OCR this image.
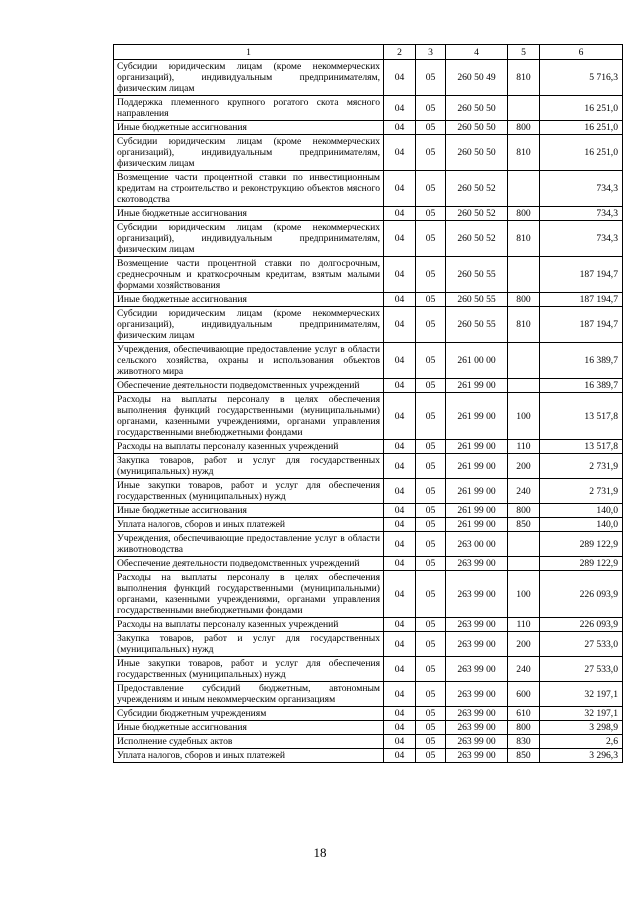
1	2	3	4	5	6
Субсидии юридическим лицам (кроме некоммерческих организаций), индивидуальным предпринимателям, физическим лицам	04	05	260 50 49	810	5 716,3
Поддержка племенного крупного рогатого скота мясного направления	04	05	260 50 50		16 251,0
Иные бюджетные ассигнования	04	05	260 50 50	800	16 251,0
Субсидии юридическим лицам (кроме некоммерческих организаций), индивидуальным предпринимателям, физическим лицам	04	05	260 50 50	810	16 251,0
Возмещение части процентной ставки по инвестиционным кредитам на строительство и реконструкцию объектов мясного скотоводства	04	05	260 50 52		734,3
Иные бюджетные ассигнования	04	05	260 50 52	800	734,3
Субсидии юридическим лицам (кроме некоммерческих организаций), индивидуальным предпринимателям, физическим лицам	04	05	260 50 52	810	734,3
Возмещение части процентной ставки по долгосрочным, среднесрочным и краткосрочным кредитам, взятым малыми формами хозяйствования	04	05	260 50 55		187 194,7
Иные бюджетные ассигнования	04	05	260 50 55	800	187 194,7
Субсидии юридическим лицам (кроме некоммерческих организаций), индивидуальным предпринимателям, физическим лицам	04	05	260 50 55	810	187 194,7
Учреждения, обеспечивающие предоставление услуг в области сельского хозяйства, охраны и использования объектов животного мира	04	05	261 00 00		16 389,7
Обеспечение деятельности подведомственных учреждений	04	05	261 99 00		16 389,7
Расходы на выплаты персоналу в целях обеспечения выполнения функций государственными (муниципальными) органами, казенными учреждениями, органами управления государственными внебюджетными фондами	04	05	261 99 00	100	13 517,8
Расходы на выплаты персоналу казенных учреждений	04	05	261 99 00	110	13 517,8
Закупка товаров, работ и услуг для государственных (муниципальных) нужд	04	05	261 99 00	200	2 731,9
Иные закупки товаров, работ и услуг для обеспечения государственных (муниципальных) нужд	04	05	261 99 00	240	2 731,9
Иные бюджетные ассигнования	04	05	261 99 00	800	140,0
Уплата налогов, сборов и иных платежей	04	05	261 99 00	850	140,0
Учреждения, обеспечивающие предоставление услуг в области животноводства	04	05	263 00 00		289 122,9
Обеспечение деятельности подведомственных учреждений	04	05	263 99 00		289 122,9
Расходы на выплаты персоналу в целях обеспечения выполнения функций государственными (муниципальными) органами, казенными учреждениями, органами управления государственными внебюджетными фондами	04	05	263 99 00	100	226 093,9
Расходы на выплаты персоналу казенных учреждений	04	05	263 99 00	110	226 093,9
Закупка товаров, работ и услуг для государственных (муниципальных) нужд	04	05	263 99 00	200	27 533,0
Иные закупки товаров, работ и услуг для обеспечения государственных (муниципальных) нужд	04	05	263 99 00	240	27 533,0
Предоставление субсидий бюджетным, автономным учреждениям и иным некоммерческим организациям	04	05	263 99 00	600	32 197,1
Субсидии бюджетным учреждениям	04	05	263 99 00	610	32 197,1
Иные бюджетные ассигнования	04	05	263 99 00	800	3 298,9
Исполнение судебных актов	04	05	263 99 00	830	2,6
Уплата налогов, сборов и иных платежей	04	05	263 99 00	850	3 296,3
18
